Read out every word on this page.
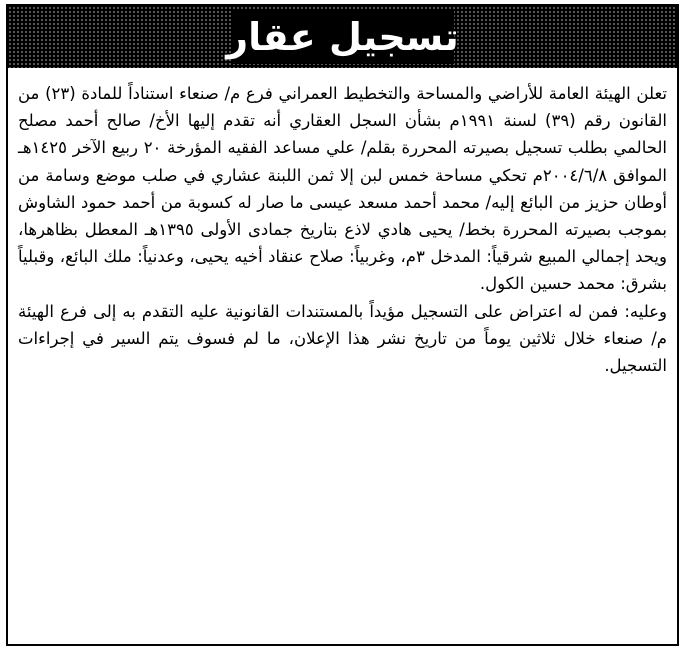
تسجيل عقار

تعلن الهيئة العامة للأراضي والمساحة والتخطيط العمراني فرع م/ صنعاء استناداً للمادة (٢٣) من القانون رقم (٣٩) لسنة ١٩٩١م بشأن السجل العقاري أنه تقدم إليها الأخ/ صالح أحمد مصلح الحالمي بطلب تسجيل بصيرته المحررة بقلم/ علي مساعد الفقيه المؤرخة ٢٠ ربيع الآخر ١٤٢٥هـ الموافق ٢٠٠٤/٦/٨م تحكي مساحة خمس لبن إلا ثمن اللبنة عشاري في صلب موضع وسامة من أوطان حزيز من البائع إليه/ محمد أحمد مسعد عيسى ما صار له كسوبة من أحمد حمود الشاوش بموجب بصيرته المحررة بخط/ يحيى هادي لاذع بتاريخ جمادى الأولى ١٣٩٥هـ المعطل بظاهرها، ويحد إجمالي المبيع شرقياً: المدخل ٣م، وغربياً: صلاح عنقاد أخيه يحيى، وعدنياً: ملك البائع، وقبلياً بشرق: محمد حسين الكول.

وعليه: فمن له اعتراض على التسجيل مؤيداً بالمستندات القانونية عليه التقدم به إلى فرع الهيئة م/ صنعاء خلال ثلاثين يوماً من تاريخ نشر هذا الإعلان، ما لم فسوف يتم السير في إجراءات التسجيل.
